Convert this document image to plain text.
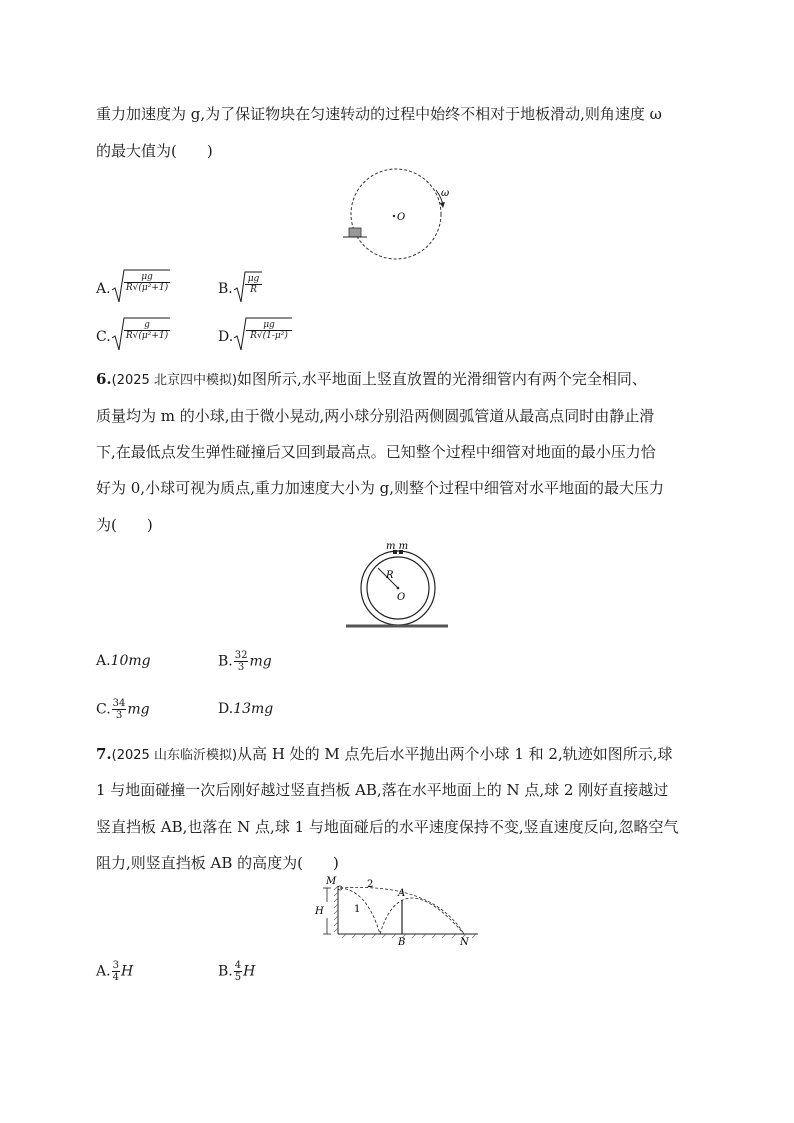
重力加速度为 g,为了保证物块在匀速转动的过程中始终不相对于地板滑动,则角速度 ω
的最大值为(　　)
ω
O
A. $\frac{\mu g}{\text{R√(μ²+1)}}$	B. $\frac{\mu g}{R}$
C. $\frac{g}{\text{R√(μ²+1)}}$	D. $\frac{\mu g}{\text{R√(1-μ²)}}$
6.(2025 北京四中模拟)如图所示,水平地面上竖直放置的光滑细管内有两个完全相同、
质量均为 m 的小球,由于微小晃动,两小球分别沿两侧圆弧管道从最高点同时由静止滑
下,在最低点发生弹性碰撞后又回到最高点。已知整个过程中细管对地面的最小压力恰
好为 0,小球可视为质点,重力加速度大小为 g,则整个过程中细管对水平地面的最大压力
为(　　)
m m
R
O
A.10mg	B. $\frac{32}{3}$ mg
C. $\frac{34}{3}$ mg	D.13mg
7.(2025 山东临沂模拟)从高 H 处的 M 点先后水平抛出两个小球 1 和 2,轨迹如图所示,球
1 与地面碰撞一次后刚好越过竖直挡板 AB,落在水平地面上的 N 点,球 2 刚好直接越过
竖直挡板 AB,也落在 N 点,球 1 与地面碰后的水平速度保持不变,竖直速度反向,忽略空气
阻力,则竖直挡板 AB 的高度为(　　)
M
H	1
2
A
B	N
A. $\frac{3}{4}$ H	B. $\frac{4}{5}$ H
